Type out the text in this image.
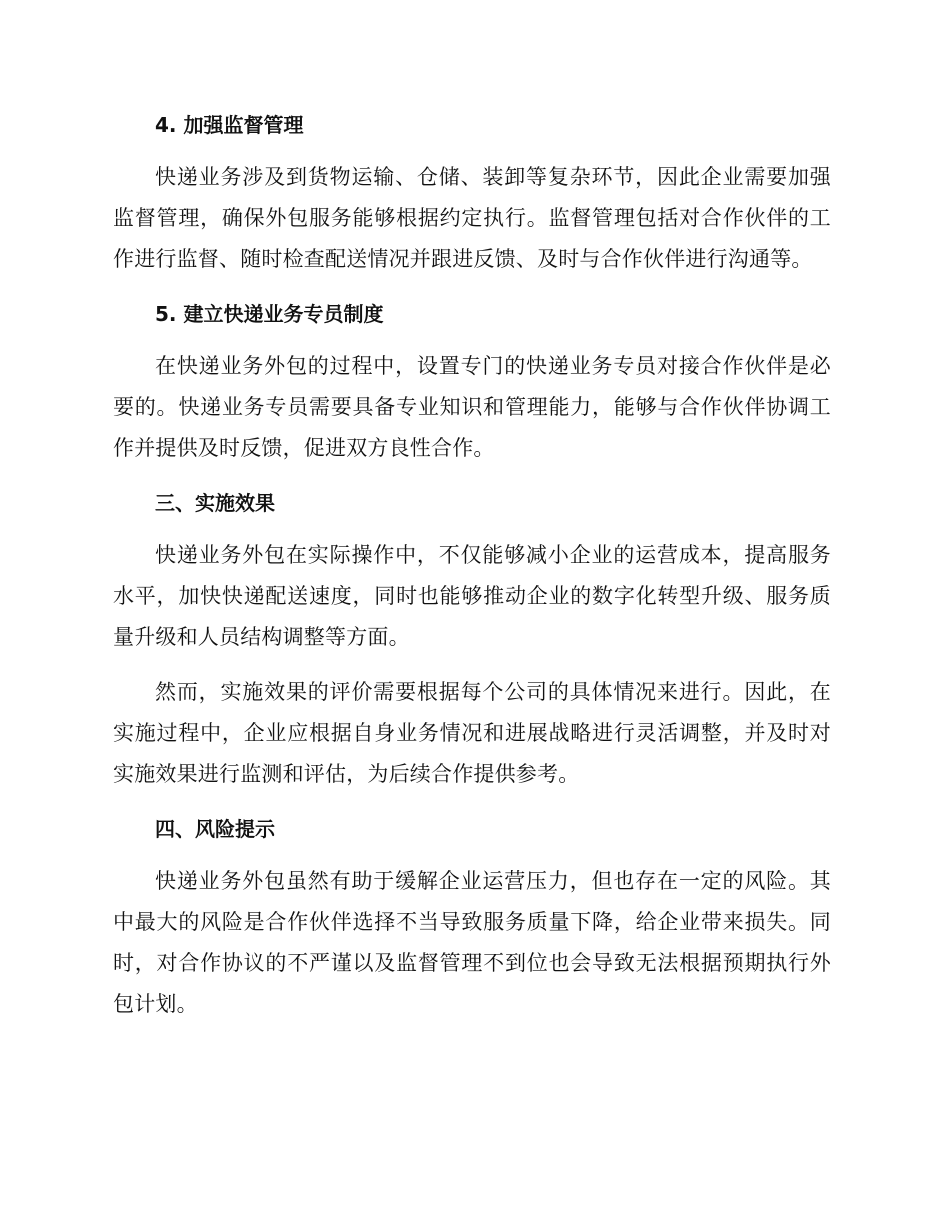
4. 加强监督管理

快递业务涉及到货物运输、仓储、装卸等复杂环节，因此企业需要加强监督管理，确保外包服务能够根据约定执行。监督管理包括对合作伙伴的工作进行监督、随时检查配送情况并跟进反馈、及时与合作伙伴进行沟通等。

5. 建立快递业务专员制度

在快递业务外包的过程中，设置专门的快递业务专员对接合作伙伴是必要的。快递业务专员需要具备专业知识和管理能力，能够与合作伙伴协调工作并提供及时反馈，促进双方良性合作。

三、实施效果

快递业务外包在实际操作中，不仅能够减小企业的运营成本，提高服务水平，加快快递配送速度，同时也能够推动企业的数字化转型升级、服务质量升级和人员结构调整等方面。

然而，实施效果的评价需要根据每个公司的具体情况来进行。因此，在实施过程中，企业应根据自身业务情况和进展战略进行灵活调整，并及时对实施效果进行监测和评估，为后续合作提供参考。

四、风险提示

快递业务外包虽然有助于缓解企业运营压力，但也存在一定的风险。其中最大的风险是合作伙伴选择不当导致服务质量下降，给企业带来损失。同时，对合作协议的不严谨以及监督管理不到位也会导致无法根据预期执行外包计划。
